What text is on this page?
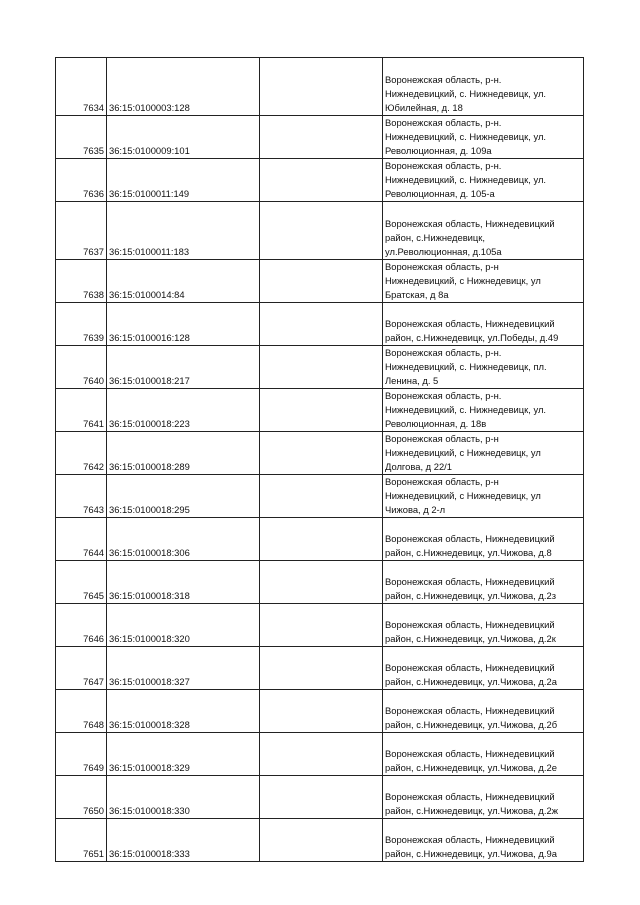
7634	36:15:0100003:128		Воронежская область, р-н.
Нижнедевицкий, с. Нижнедевицк, ул.
Юбилейная, д. 18
7635	36:15:0100009:101		Воронежская область, р-н.
Нижнедевицкий, с. Нижнедевицк, ул.
Революционная, д. 109а
7636	36:15:0100011:149		Воронежская область, р-н.
Нижнедевицкий, с. Нижнедевицк, ул.
Революционная, д. 105-а
7637	36:15:0100011:183		Воронежская область, Нижнедевицкий
район, с.Нижнедевицк,
ул.Революционная, д.105а
7638	36:15:0100014:84		Воронежская область, р-н
Нижнедевицкий, с Нижнедевицк, ул
Братская, д 8а
7639	36:15:0100016:128		Воронежская область, Нижнедевицкий
район, с.Нижнедевицк, ул.Победы, д.49
7640	36:15:0100018:217		Воронежская область, р-н.
Нижнедевицкий, с. Нижнедевицк, пл.
Ленина, д. 5
7641	36:15:0100018:223		Воронежская область, р-н.
Нижнедевицкий, с. Нижнедевицк, ул.
Революционная, д. 18в
7642	36:15:0100018:289		Воронежская область, р-н
Нижнедевицкий, с Нижнедевицк, ул
Долгова, д 22/1
7643	36:15:0100018:295		Воронежская область, р-н
Нижнедевицкий, с Нижнедевицк, ул
Чижова, д 2-л
7644	36:15:0100018:306		Воронежская область, Нижнедевицкий
район, с.Нижнедевицк, ул.Чижова, д.8
7645	36:15:0100018:318		Воронежская область, Нижнедевицкий
район, с.Нижнедевицк, ул.Чижова, д.2з
7646	36:15:0100018:320		Воронежская область, Нижнедевицкий
район, с.Нижнедевицк, ул.Чижова, д.2к
7647	36:15:0100018:327		Воронежская область, Нижнедевицкий
район, с.Нижнедевицк, ул.Чижова, д.2а
7648	36:15:0100018:328		Воронежская область, Нижнедевицкий
район, с.Нижнедевицк, ул.Чижова, д.2б
7649	36:15:0100018:329		Воронежская область, Нижнедевицкий
район, с.Нижнедевицк, ул.Чижова, д.2е
7650	36:15:0100018:330		Воронежская область, Нижнедевицкий
район, с.Нижнедевицк, ул.Чижова, д.2ж
7651	36:15:0100018:333		Воронежская область, Нижнедевицкий
район, с.Нижнедевицк, ул.Чижова, д.9а
